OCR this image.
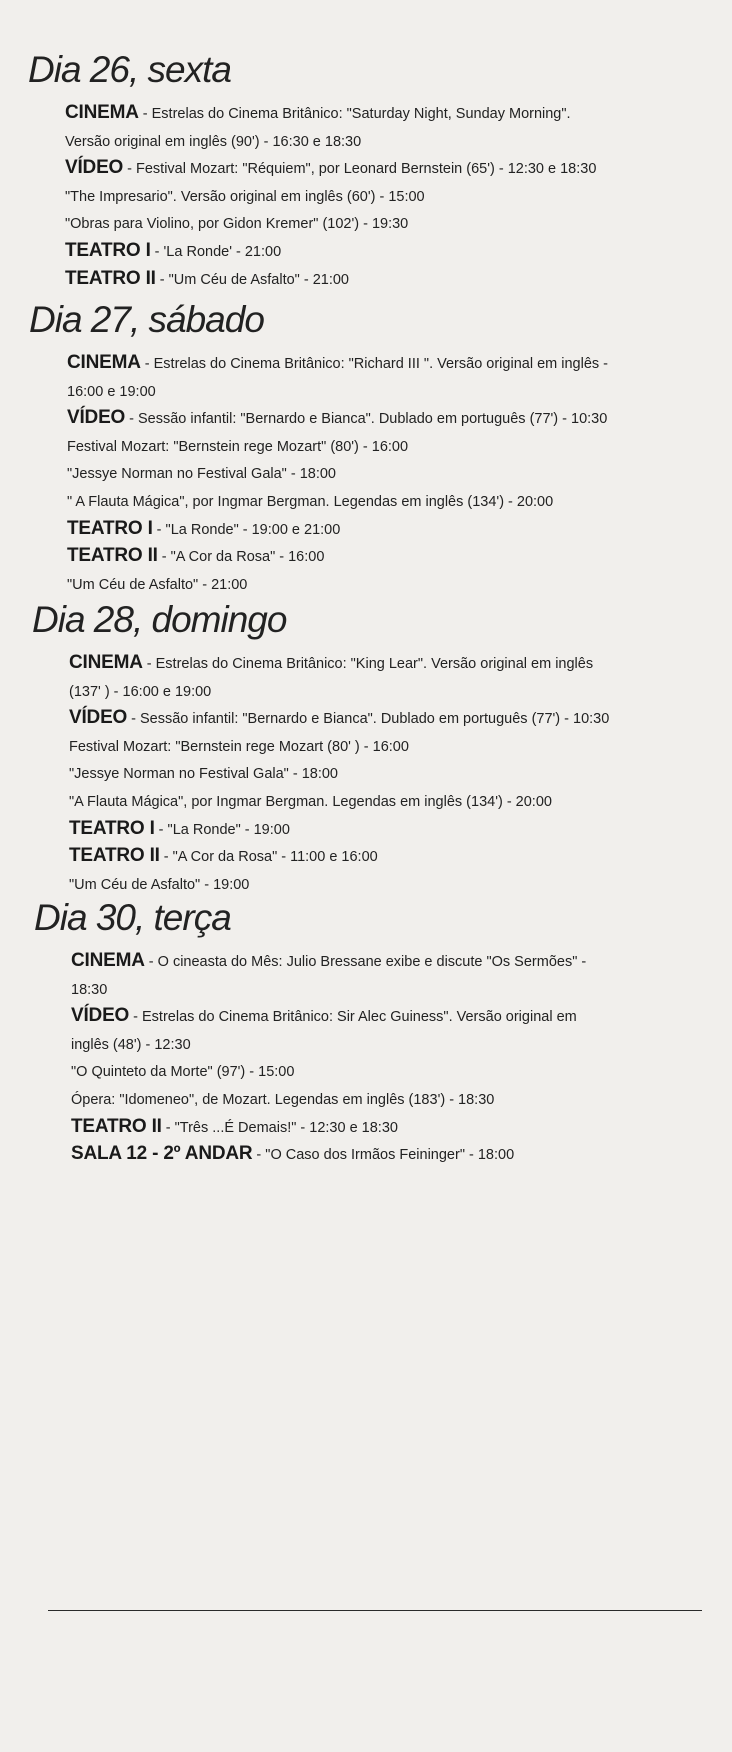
Dia 26, sexta
CINEMA - Estrelas do Cinema Britânico: "Saturday Night, Sunday Morning".
Versão original em inglês (90') - 16:30 e 18:30
VÍDEO - Festival Mozart: "Réquiem", por Leonard Bernstein (65') - 12:30 e 18:30
"The Impresario". Versão original em inglês (60') - 15:00
"Obras para Violino, por Gidon Kremer" (102') - 19:30
TEATRO I - 'La Ronde' - 21:00
TEATRO II - "Um Céu de Asfalto" - 21:00
Dia 27, sábado
CINEMA - Estrelas do Cinema Britânico: "Richard III ". Versão original em inglês -
16:00 e 19:00
VÍDEO - Sessão infantil: "Bernardo e Bianca". Dublado em português (77') - 10:30
Festival Mozart: "Bernstein rege Mozart" (80') - 16:00
"Jessye Norman no Festival Gala" - 18:00
" A Flauta Mágica", por Ingmar Bergman. Legendas em inglês (134') - 20:00
TEATRO I - "La Ronde" - 19:00 e 21:00
TEATRO II - "A Cor da Rosa" - 16:00
"Um Céu de Asfalto" - 21:00
Dia 28, domingo
CINEMA - Estrelas do Cinema Britânico: "King Lear". Versão original em inglês
(137' ) - 16:00 e 19:00
VÍDEO - Sessão infantil: "Bernardo e Bianca". Dublado em português (77') - 10:30
Festival Mozart: "Bernstein rege Mozart (80' ) - 16:00
"Jessye Norman no Festival Gala" - 18:00
"A Flauta Mágica", por Ingmar Bergman. Legendas em inglês (134') - 20:00
TEATRO I - "La Ronde" - 19:00
TEATRO II - "A Cor da Rosa" - 11:00 e 16:00
"Um Céu de Asfalto" - 19:00
Dia 30, terça
CINEMA - O cineasta do Mês: Julio Bressane exibe e discute "Os Sermões" -
18:30
VÍDEO - Estrelas do Cinema Britânico: Sir Alec Guiness". Versão original em
inglês (48') - 12:30
"O Quinteto da Morte" (97') - 15:00
Ópera: "Idomeneo", de Mozart. Legendas em inglês (183') - 18:30
TEATRO II - "Três ...É Demais!" - 12:30 e 18:30
SALA 12 - 2º ANDAR - "O Caso dos Irmãos Feininger" - 18:00
